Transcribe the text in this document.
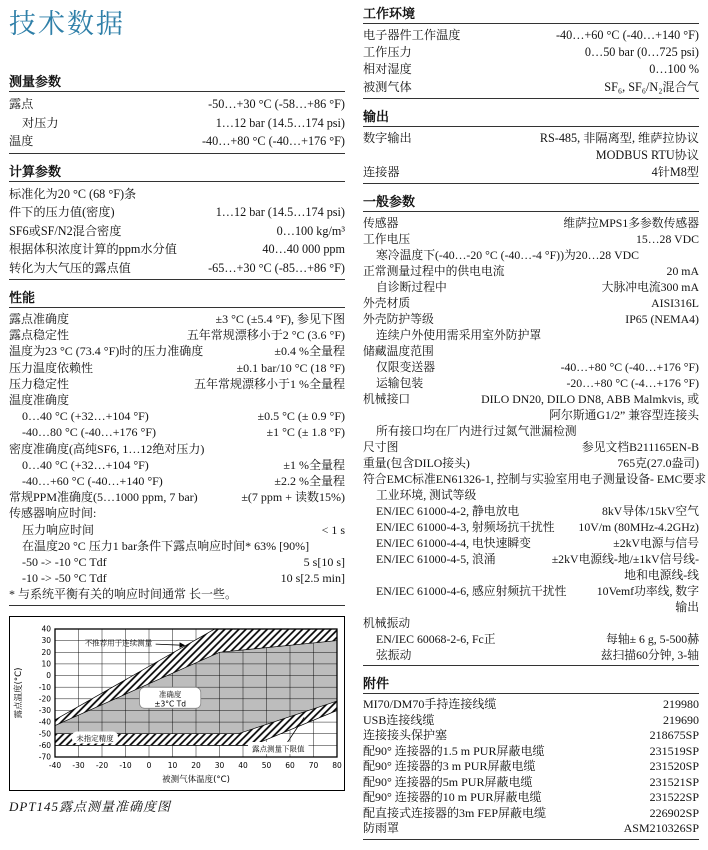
技术数据
测量参数
露点	-50…+30 °C (-58…+86 °F)
对压力	1…12 bar (14.5…174 psi)
温度	-40…+80 °C (-40…+176 °F)
计算参数
标准化为20 °C (68 °F)条
件下的压力值(密度)	1…12 bar (14.5…174 psi)
SF6或SF/N2混合密度	0…100 kg/m³
根据体积浓度计算的ppm水分值	40…40 000 ppm
转化为大气压的露点值	-65…+30 °C (-85…+86 °F)
性能
露点准确度	±3 °C (±5.4 °F), 参见下图
露点稳定性	五年常规漂移小于2 °C (3.6 °F)
温度为23 °C (73.4 °F)时的压力准确度	±0.4 %全量程
压力温度依赖性	±0.1 bar/10 °C (18 °F)
压力稳定性	五年常规漂移小于1 %全量程
温度准确度
0…40 °C (+32…+104 °F)	±0.5 °C (± 0.9 °F)
-40…80 °C (-40…+176 °F)	±1 °C (± 1.8 °F)
密度准确度(高纯SF6, 1…12绝对压力)
0…40 °C (+32…+104 °F)	±1 %全量程
-40…+60 °C (-40…+140 °F)	±2.2 %全量程
常规PPM准确度(5…1000 ppm, 7 bar)	±(7 ppm + 读数15%)
传感器响应时间:
压力响应时间	< 1 s
在温度20 °C 压力1 bar条件下露点响应时间* 63% [90%]
-50 -> -10 °C Tdf	5 s[10 s]
-10 -> -50 °C Tdf	10 s[2.5 min]
* 与系统平衡有关的响应时间通常 长一些。
-40 -30 -20 -10 0 10 20 30 40 50 60 70 80
40
30
20
10
0
-10
-20
-30
-40
-50
-60
-70
不推荐用于连续测量
准确度
±3°C Td
未指定精度
露点测量下限值
被测气体温度(°C)
露点温度(°C)
DPT145露点测量准确度图
工作环境
电子器件工作温度	-40…+60 °C (-40…+140 °F)
工作压力	0…50 bar (0…725 psi)
相对湿度	0…100 %
被测气体	SF₆, SF₆/N₂混合气
输出
数字输出	RS-485, 非隔离型, 维萨拉协议
MODBUS RTU协议
连接器	4针M8型
一般参数
传感器	维萨拉MPS1多参数传感器
工作电压	15…28 VDC
寒冷温度下(-40…-20 °C (-40…-4 °F))为20…28 VDC
正常测量过程中的供电电流	20 mA
自诊断过程中	大脉冲电流300 mA
外壳材质	AISI316L
外壳防护等级	IP65 (NEMA4)
连续户外使用需采用室外防护罩
储藏温度范围
仅限变送器	-40…+80 °C (-40…+176 °F)
运输包装	-20…+80 °C (-4…+176 °F)
机械接口	DILO DN20, DILO DN8, ABB Malmkvis, 或
阿尔斯通G1/2” 兼容型连接头
所有接口均在厂内进行过氮气泄漏检测
尺寸图	参见文档B211165EN-B
重量(包含DILO接头)	765克(27.0盎司)
符合EMC标准EN61326-1, 控制与实验室用电子测量设备- EMC要求
工业环境, 测试等级
EN/IEC 61000-4-2, 静电放电	8kV导体/15kV空气
EN/IEC 61000-4-3, 射频场抗干扰性 10V/m (80MHz-4.2GHz)
EN/IEC 61000-4-4, 电快速瞬变	±2kV电源与信号
EN/IEC 61000-4-5, 浪涌	±2kV电源线-地/±1kV信号线-
地和电源线-线
EN/IEC 61000-4-6, 感应射频抗干扰性	10Vemf功率线, 数字
输出
机械振动
EN/IEC 60068-2-6, Fc正	每轴± 6 g, 5-500赫
弦振动	兹扫描60分钟, 3-轴
附件
MI70/DM70手持连接线缆	219980
USB连接线缆	219690
连接接头保护塞	218675SP
配90° 连接器的1.5 m PUR屏蔽电缆	231519SP
配90° 连接器的3 m PUR屏蔽电缆	231520SP
配90° 连接器的5m PUR屏蔽电缆	231521SP
配90° 连接器的10 m PUR屏蔽电缆	231522SP
配直接式连接器的3m FEP屏蔽电缆	226902SP
防雨罩	ASM210326SP
